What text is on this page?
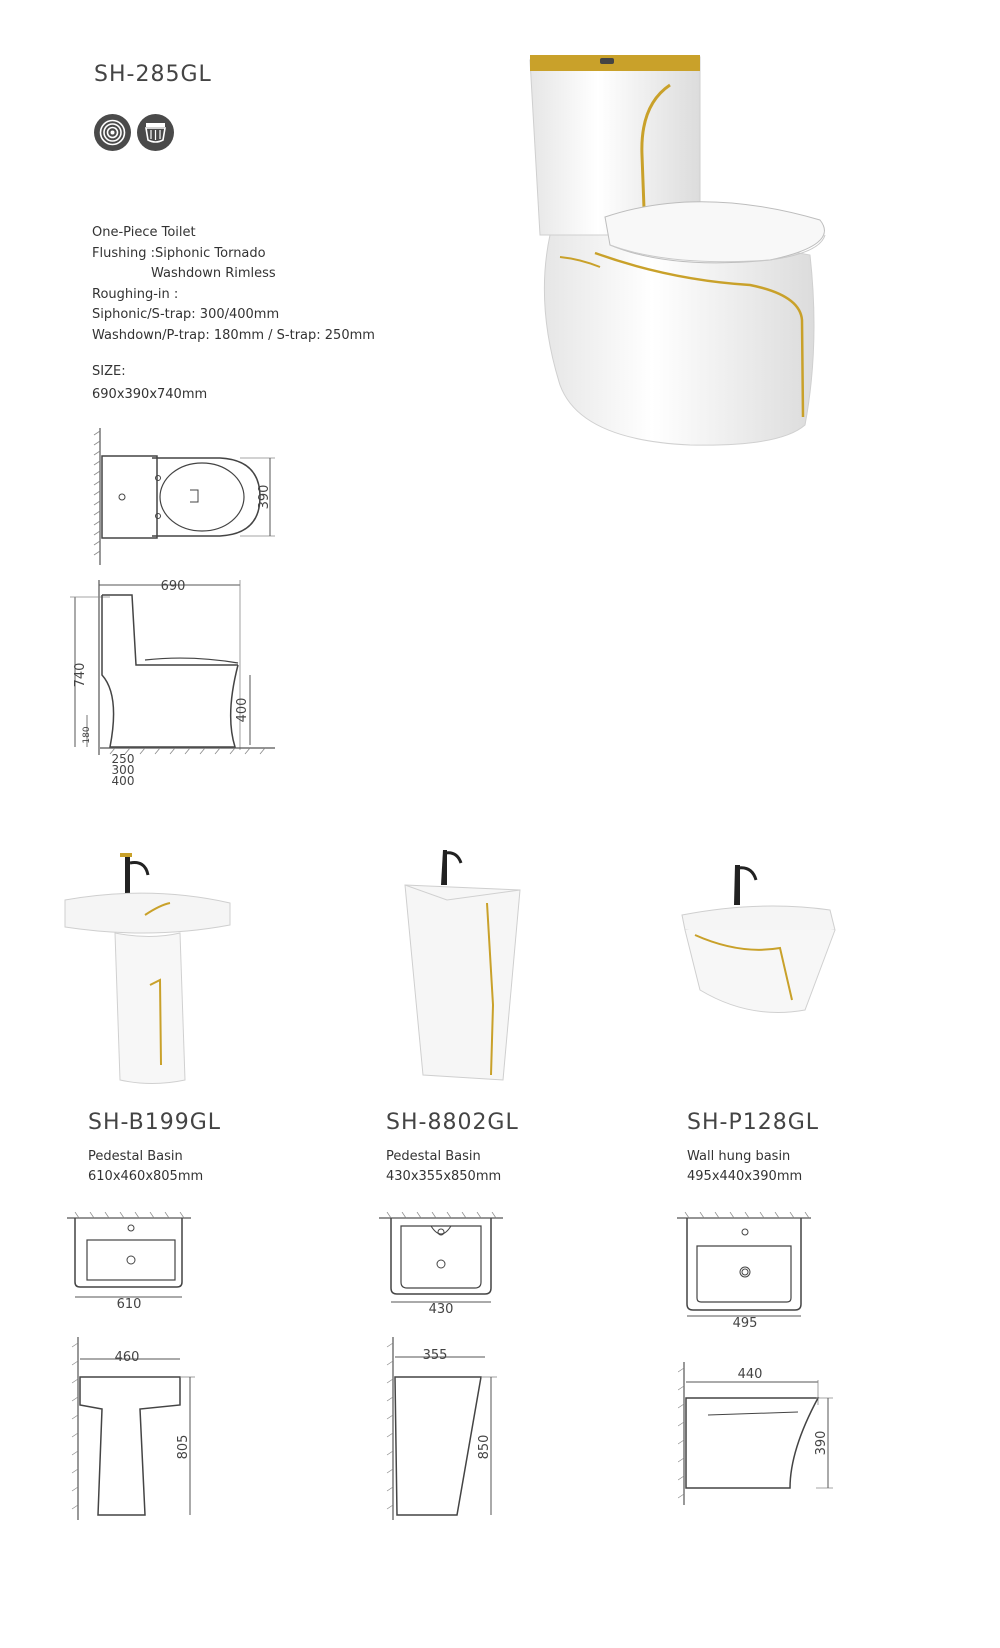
SH-285GL
One-Piece Toilet
Flushing :Siphonic Tornado
Washdown Rimless
Roughing-in :
Siphonic/S-trap: 300/400mm
Washdown/P-trap: 180mm / S-trap: 250mm
SIZE:
690x390x740mm
390
690
740
180
400
250
300
400
SH-B199GL
Pedestal Basin
610x460x805mm
SH-8802GL
Pedestal Basin
430x355x850mm
SH-P128GL
Wall hung basin
495x440x390mm
610	430
495
460
805
355
850
440
390
